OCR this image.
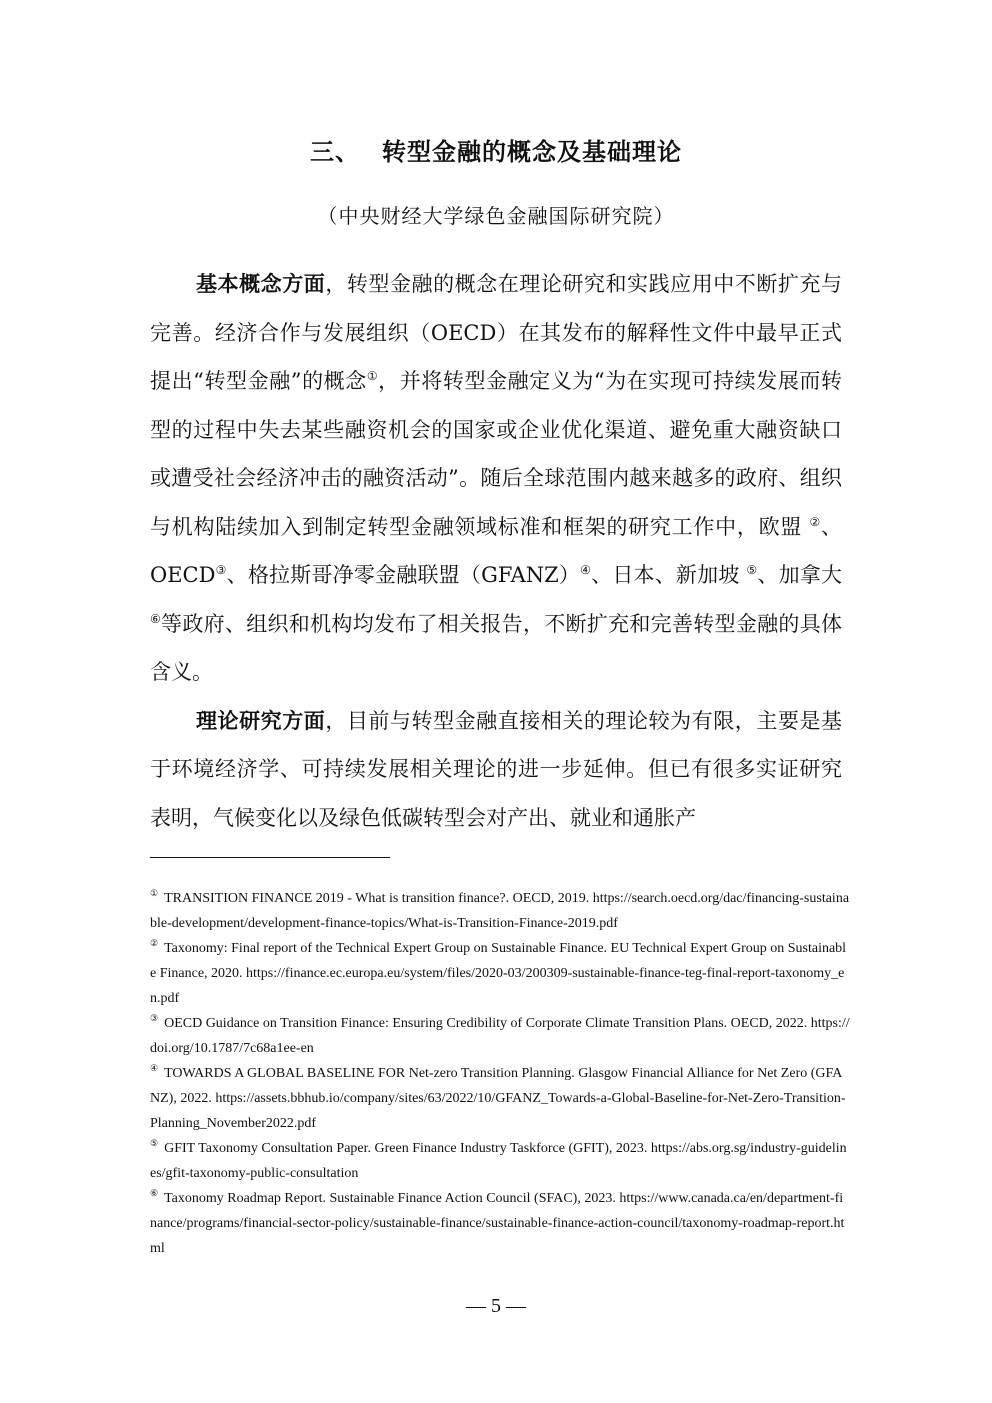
三、 转型金融的概念及基础理论
（中央财经大学绿色金融国际研究院）

基本概念方面，转型金融的概念在理论研究和实践应用中不断扩充与完善。经济合作与发展组织（OECD）在其发布的解释性文件中最早正式提出“转型金融”的概念①，并将转型金融定义为“为在实现可持续发展而转型的过程中失去某些融资机会的国家或企业优化渠道、避免重大融资缺口或遭受社会经济冲击的融资活动”。随后全球范围内越来越多的政府、组织与机构陆续加入到制定转型金融领域标准和框架的研究工作中，欧盟 ②、OECD③、格拉斯哥净零金融联盟（GFANZ）④、日本、新加坡 ⑤、加拿大 ⑥等政府、组织和机构均发布了相关报告，不断扩充和完善转型金融的具体含义。

理论研究方面，目前与转型金融直接相关的理论较为有限，主要是基于环境经济学、可持续发展相关理论的进一步延伸。但已有很多实证研究表明，气候变化以及绿色低碳转型会对产出、就业和通胀产

① TRANSITION FINANCE 2019 - What is transition finance?. OECD, 2019. https://search.oecd.org/dac/financing-sustainable-development/development-finance-topics/What-is-Transition-Finance-2019.pdf
② Taxonomy: Final report of the Technical Expert Group on Sustainable Finance. EU Technical Expert Group on Sustainable Finance, 2020. https://finance.ec.europa.eu/system/files/2020-03/200309-sustainable-finance-teg-final-report-taxonomy_en.pdf
③ OECD Guidance on Transition Finance: Ensuring Credibility of Corporate Climate Transition Plans. OECD, 2022. https://doi.org/10.1787/7c68a1ee-en
④ TOWARDS A GLOBAL BASELINE FOR Net-zero Transition Planning. Glasgow Financial Alliance for Net Zero (GFANZ), 2022. https://assets.bbhub.io/company/sites/63/2022/10/GFANZ_Towards-a-Global-Baseline-for-Net-Zero-Transition-Planning_November2022.pdf
⑤ GFIT Taxonomy Consultation Paper. Green Finance Industry Taskforce (GFIT), 2023. https://abs.org.sg/industry-guidelines/gfit-taxonomy-public-consultation
⑥ Taxonomy Roadmap Report. Sustainable Finance Action Council (SFAC), 2023. https://www.canada.ca/en/department-finance/programs/financial-sector-policy/sustainable-finance/sustainable-finance-action-council/taxonomy-roadmap-report.html
— 5 —
